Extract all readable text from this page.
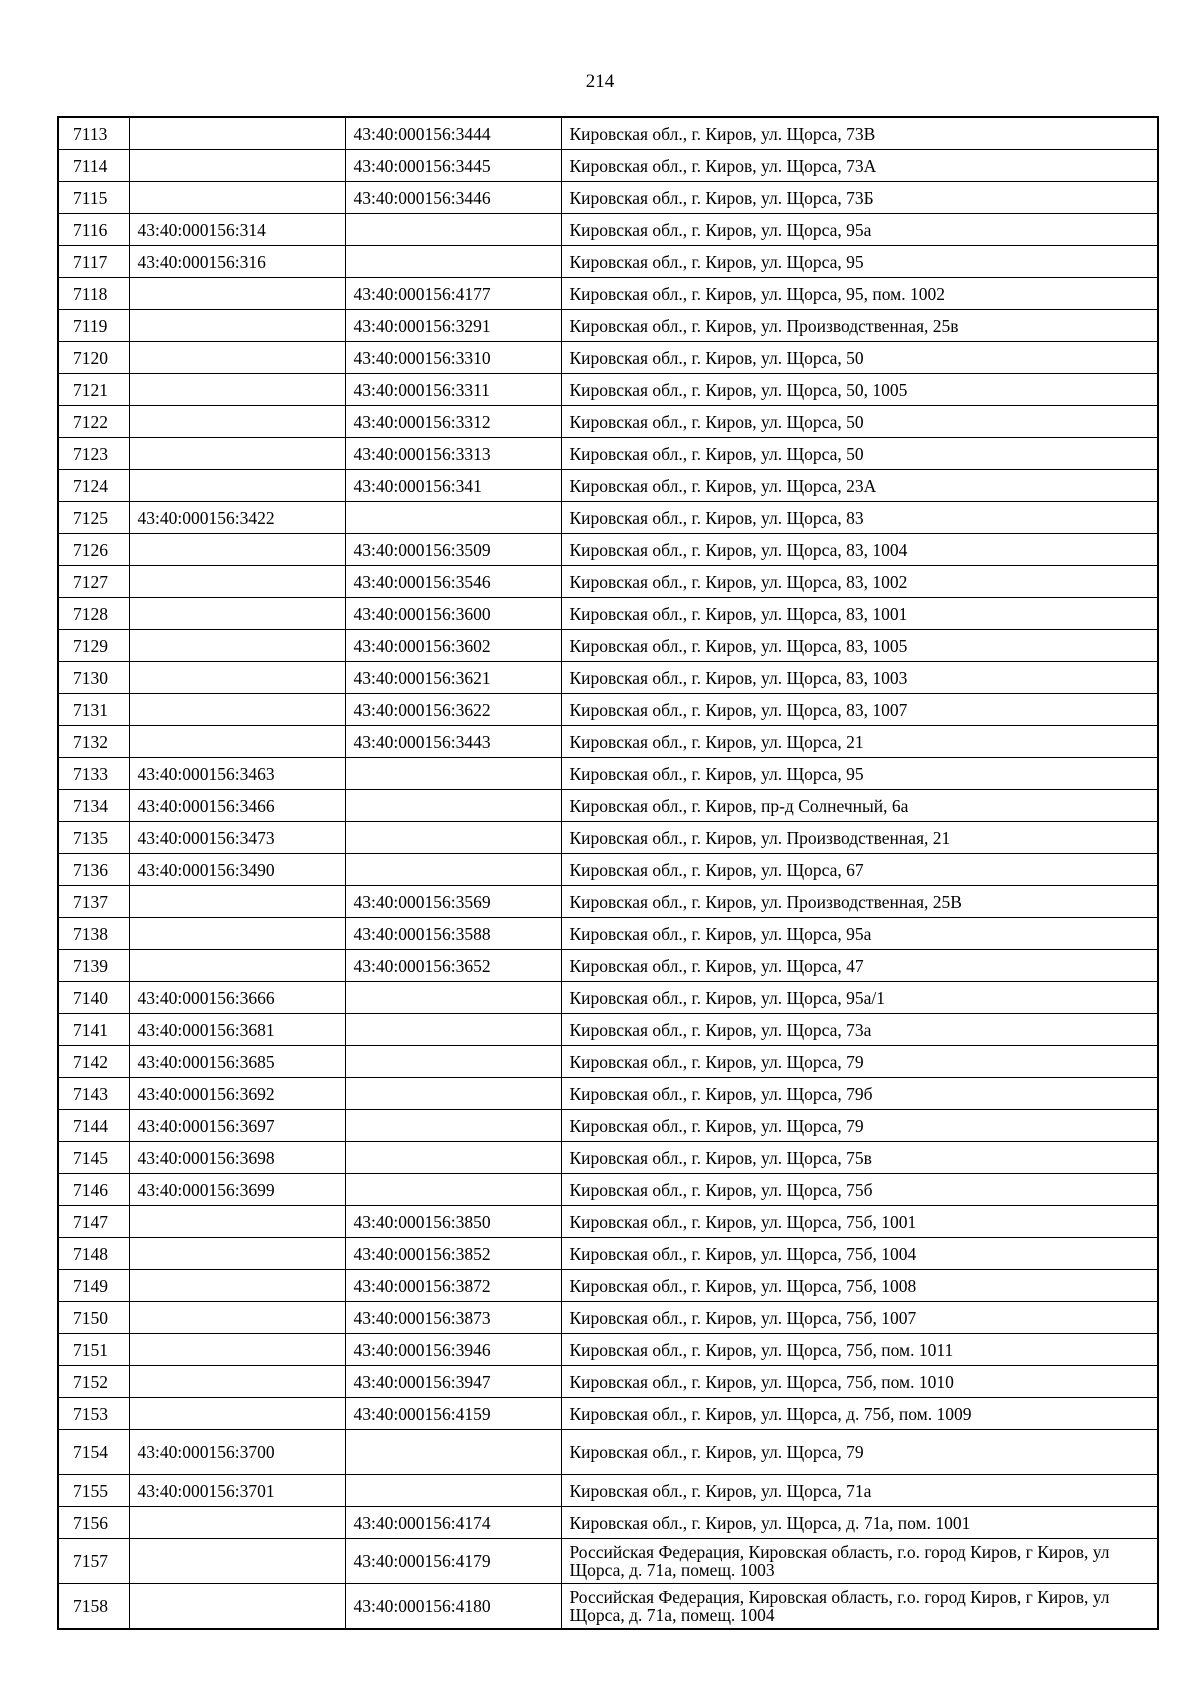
214
7113		43:40:000156:3444	Кировская обл., г. Киров, ул. Щорса, 73В
7114		43:40:000156:3445	Кировская обл., г. Киров, ул. Щорса, 73А
7115		43:40:000156:3446	Кировская обл., г. Киров, ул. Щорса, 73Б
7116	43:40:000156:314		Кировская обл., г. Киров, ул. Щорса, 95а
7117	43:40:000156:316		Кировская обл., г. Киров, ул. Щорса, 95
7118		43:40:000156:4177	Кировская обл., г. Киров, ул. Щорса, 95, пом. 1002
7119		43:40:000156:3291	Кировская обл., г. Киров, ул. Производственная, 25в
7120		43:40:000156:3310	Кировская обл., г. Киров, ул. Щорса, 50
7121		43:40:000156:3311	Кировская обл., г. Киров, ул. Щорса, 50, 1005
7122		43:40:000156:3312	Кировская обл., г. Киров, ул. Щорса, 50
7123		43:40:000156:3313	Кировская обл., г. Киров, ул. Щорса, 50
7124		43:40:000156:341	Кировская обл., г. Киров, ул. Щорса, 23А
7125	43:40:000156:3422		Кировская обл., г. Киров, ул. Щорса, 83
7126		43:40:000156:3509	Кировская обл., г. Киров, ул. Щорса, 83, 1004
7127		43:40:000156:3546	Кировская обл., г. Киров, ул. Щорса, 83, 1002
7128		43:40:000156:3600	Кировская обл., г. Киров, ул. Щорса, 83, 1001
7129		43:40:000156:3602	Кировская обл., г. Киров, ул. Щорса, 83, 1005
7130		43:40:000156:3621	Кировская обл., г. Киров, ул. Щорса, 83, 1003
7131		43:40:000156:3622	Кировская обл., г. Киров, ул. Щорса, 83, 1007
7132		43:40:000156:3443	Кировская обл., г. Киров, ул. Щорса, 21
7133	43:40:000156:3463		Кировская обл., г. Киров, ул. Щорса, 95
7134	43:40:000156:3466		Кировская обл., г. Киров, пр-д Солнечный, 6а
7135	43:40:000156:3473		Кировская обл., г. Киров, ул. Производственная, 21
7136	43:40:000156:3490		Кировская обл., г. Киров, ул. Щорса, 67
7137		43:40:000156:3569	Кировская обл., г. Киров, ул. Производственная, 25В
7138		43:40:000156:3588	Кировская обл., г. Киров, ул. Щорса, 95а
7139		43:40:000156:3652	Кировская обл., г. Киров, ул. Щорса, 47
7140	43:40:000156:3666		Кировская обл., г. Киров, ул. Щорса, 95а/1
7141	43:40:000156:3681		Кировская обл., г. Киров, ул. Щорса, 73а
7142	43:40:000156:3685		Кировская обл., г. Киров, ул. Щорса, 79
7143	43:40:000156:3692		Кировская обл., г. Киров, ул. Щорса, 79б
7144	43:40:000156:3697		Кировская обл., г. Киров, ул. Щорса, 79
7145	43:40:000156:3698		Кировская обл., г. Киров, ул. Щорса, 75в
7146	43:40:000156:3699		Кировская обл., г. Киров, ул. Щорса, 75б
7147		43:40:000156:3850	Кировская обл., г. Киров, ул. Щорса, 75б, 1001
7148		43:40:000156:3852	Кировская обл., г. Киров, ул. Щорса, 75б, 1004
7149		43:40:000156:3872	Кировская обл., г. Киров, ул. Щорса, 75б, 1008
7150		43:40:000156:3873	Кировская обл., г. Киров, ул. Щорса, 75б, 1007
7151		43:40:000156:3946	Кировская обл., г. Киров, ул. Щорса, 75б, пом. 1011
7152		43:40:000156:3947	Кировская обл., г. Киров, ул. Щорса, 75б, пом. 1010
7153		43:40:000156:4159	Кировская обл., г. Киров, ул. Щорса, д. 75б, пом. 1009
7154	43:40:000156:3700		Кировская обл., г. Киров, ул. Щорса, 79
7155	43:40:000156:3701		Кировская обл., г. Киров, ул. Щорса, 71а
7156		43:40:000156:4174	Кировская обл., г. Киров, ул. Щорса, д. 71а, пом. 1001
7157		43:40:000156:4179	Российская Федерация, Кировская область, г.о. город Киров, г Киров, ул Щорса, д. 71а, помещ. 1003
7158		43:40:000156:4180	Российская Федерация, Кировская область, г.о. город Киров, г Киров, ул Щорса, д. 71а, помещ. 1004
